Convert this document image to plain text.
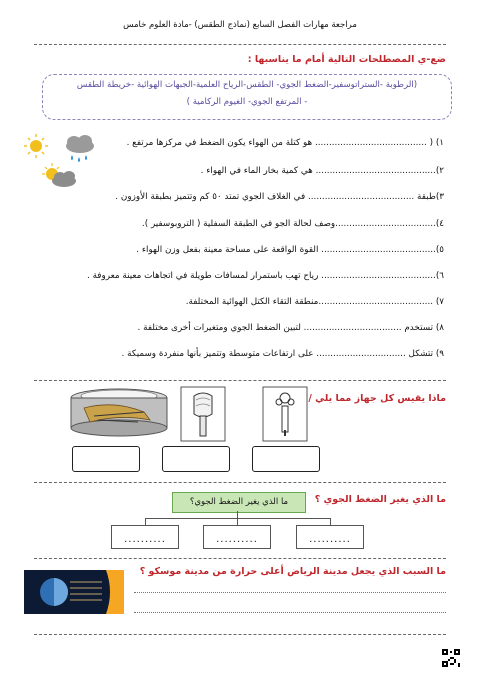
مراجعة مهارات الفصل السابع (نماذج الطقس) -مادة العلوم خامس
ضع-ي المصطلحات التالية أمام ما يناسبها :
(الرطوبة -الستراتوسفير-الضغط الجوي- الطقس-الرياح العلمية-الجبهات الهوائية -خريطة الطقس
- المرتفع الجوي- الغيوم الركامية )
١) ( ........................................ هو كتلة من الهواء يكون الضغط في مركزها مرتفع .
٢)........................................... هي كمية بخار الماء في الهواء .
٣)طبقة ...................................... في الغلاف الجوي تمتد ٥٠ كم وتتميز بطبقة الأوزون .
٤)....................................وصف لحالة الجو في الطبقة السفلية ( التروبوسفير ).
٥)......................................... القوة الواقعة على مساحة معينة بفعل وزن الهواء .
٦)......................................... رياح تهب باستمرار لمسافات طويلة في اتجاهات معينة معروفة .
٧) .........................................منطقة التقاء الكتل الهوائية المختلفة.
٨) تستخدم ................................... لتبين الضغط الجوي ومتغيرات أخرى مختلفة .
٩) تتشكل ................................ على ارتفاعات متوسطة وتتميز بأنها منفردة وسميكة .
ماذا يقيس كل جهاز مما يلي /
ما الذي يغير الضغط الجوي ؟
ما الذي يغير الضغط الجوي؟
..........	..........	..........
ما السبب الذي يجعل مدينة الرياض أعلى حرارة من مدينة موسكو ؟
